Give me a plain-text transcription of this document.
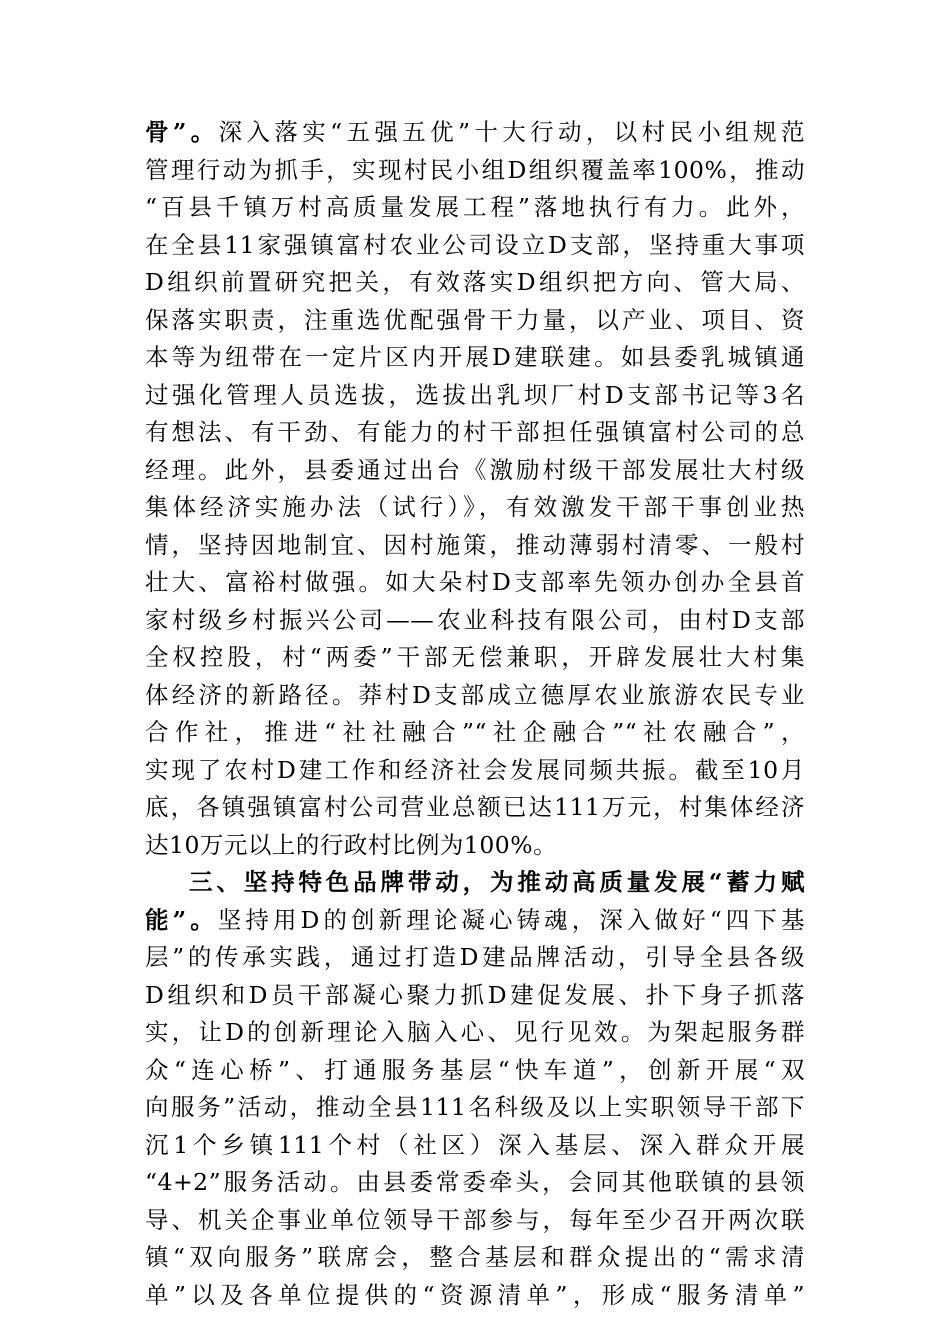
骨”。深入落实“五强五优”十大行动，以村民小组规范
管理行动为抓手，实现村民小组D组织覆盖率100%，推动
“百县千镇万村高质量发展工程”落地执行有力。此外，
在全县11家强镇富村农业公司设立D支部，坚持重大事项
D组织前置研究把关，有效落实D组织把方向、管大局、
保落实职责，注重选优配强骨干力量，以产业、项目、资
本等为纽带在一定片区内开展D建联建。如县委乳城镇通
过强化管理人员选拔，选拔出乳坝厂村D支部书记等3名
有想法、有干劲、有能力的村干部担任强镇富村公司的总
经理。此外，县委通过出台《激励村级干部发展壮大村级
集体经济实施办法（试行）》，有效激发干部干事创业热
情，坚持因地制宜、因村施策，推动薄弱村清零、一般村
壮大、富裕村做强。如大朵村D支部率先领办创办全县首
家村级乡村振兴公司——农业科技有限公司，由村D支部
全权控股，村“两委”干部无偿兼职，开辟发展壮大村集
体经济的新路径。莽村D支部成立德厚农业旅游农民专业
合作社，推进“社社融合”“社企融合”“社农融合”，
实现了农村D建工作和经济社会发展同频共振。截至10月
底，各镇强镇富村公司营业总额已达111万元，村集体经济
达10万元以上的行政村比例为100%。
三、坚持特色品牌带动，为推动高质量发展“蓄力赋
能”。坚持用D的创新理论凝心铸魂，深入做好“四下基
层”的传承实践，通过打造D建品牌活动，引导全县各级
D组织和D员干部凝心聚力抓D建促发展、扑下身子抓落
实，让D的创新理论入脑入心、见行见效。为架起服务群
众“连心桥”、打通服务基层“快车道”，创新开展“双
向服务”活动，推动全县111名科级及以上实职领导干部下
沉1个乡镇111个村（社区）深入基层、深入群众开展
“4+2”服务活动。由县委常委牵头，会同其他联镇的县领
导、机关企事业单位领导干部参与，每年至少召开两次联
镇“双向服务”联席会，整合基层和群众提出的“需求清
单”以及各单位提供的“资源清单”，形成“服务清单”
